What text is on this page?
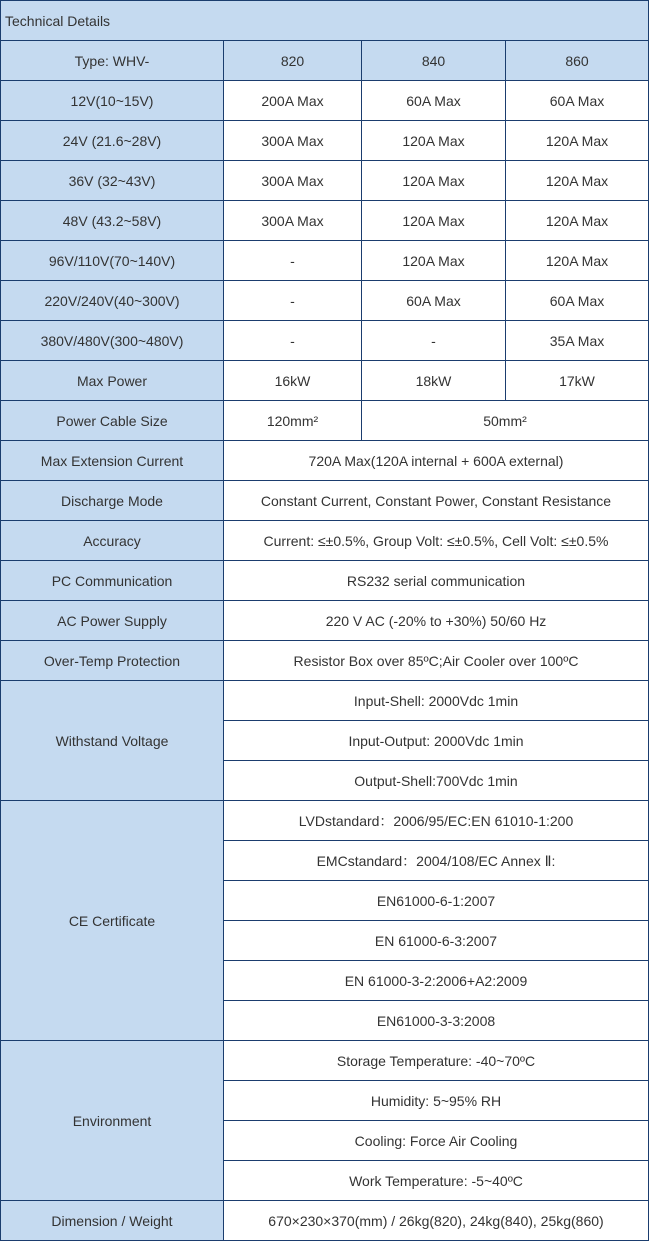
Technical Details			
Type: WHV-	820	840	860
12V(10~15V)	200A Max	60A Max	60A Max
24V (21.6~28V)	300A Max	120A Max	120A Max
36V (32~43V)	300A Max	120A Max	120A Max
48V (43.2~58V)	300A Max	120A Max	120A Max
96V/110V(70~140V)	-	120A Max	120A Max
220V/240V(40~300V)	-	60A Max	60A Max
380V/480V(300~480V)	-	-	35A Max
Max Power	16kW	18kW	17kW
Power Cable Size	120mm²	50mm²	
Max Extension Current	720A Max(120A internal + 600A external)		
Discharge Mode	Constant Current, Constant Power, Constant Resistance		
Accuracy	Current: ≤±0.5%, Group Volt: ≤±0.5%, Cell Volt: ≤±0.5%		
PC Communication	RS232 serial communication		
AC Power Supply	220 V AC (-20% to +30%) 50/60 Hz		
Over-Temp Protection	Resistor Box over 85ºC;Air Cooler over 100ºC		
Withstand Voltage	Input-Shell: 2000Vdc 1min		
	Input-Output: 2000Vdc 1min		
	Output-Shell:700Vdc 1min		
CE Certificate	LVDstandard：2006/95/EC:EN 61010-1:200		
	EMCstandard：2004/108/EC Annex Ⅱ:		
	EN61000-6-1:2007		
	EN 61000-6-3:2007		
	EN 61000-3-2:2006+A2:2009		
	EN61000-3-3:2008		
Environment	Storage Temperature: -40~70ºC		
	Humidity: 5~95% RH		
	Cooling: Force Air Cooling		
	Work Temperature: -5~40ºC		
Dimension / Weight	670×230×370(mm) / 26kg(820), 24kg(840), 25kg(860)		
